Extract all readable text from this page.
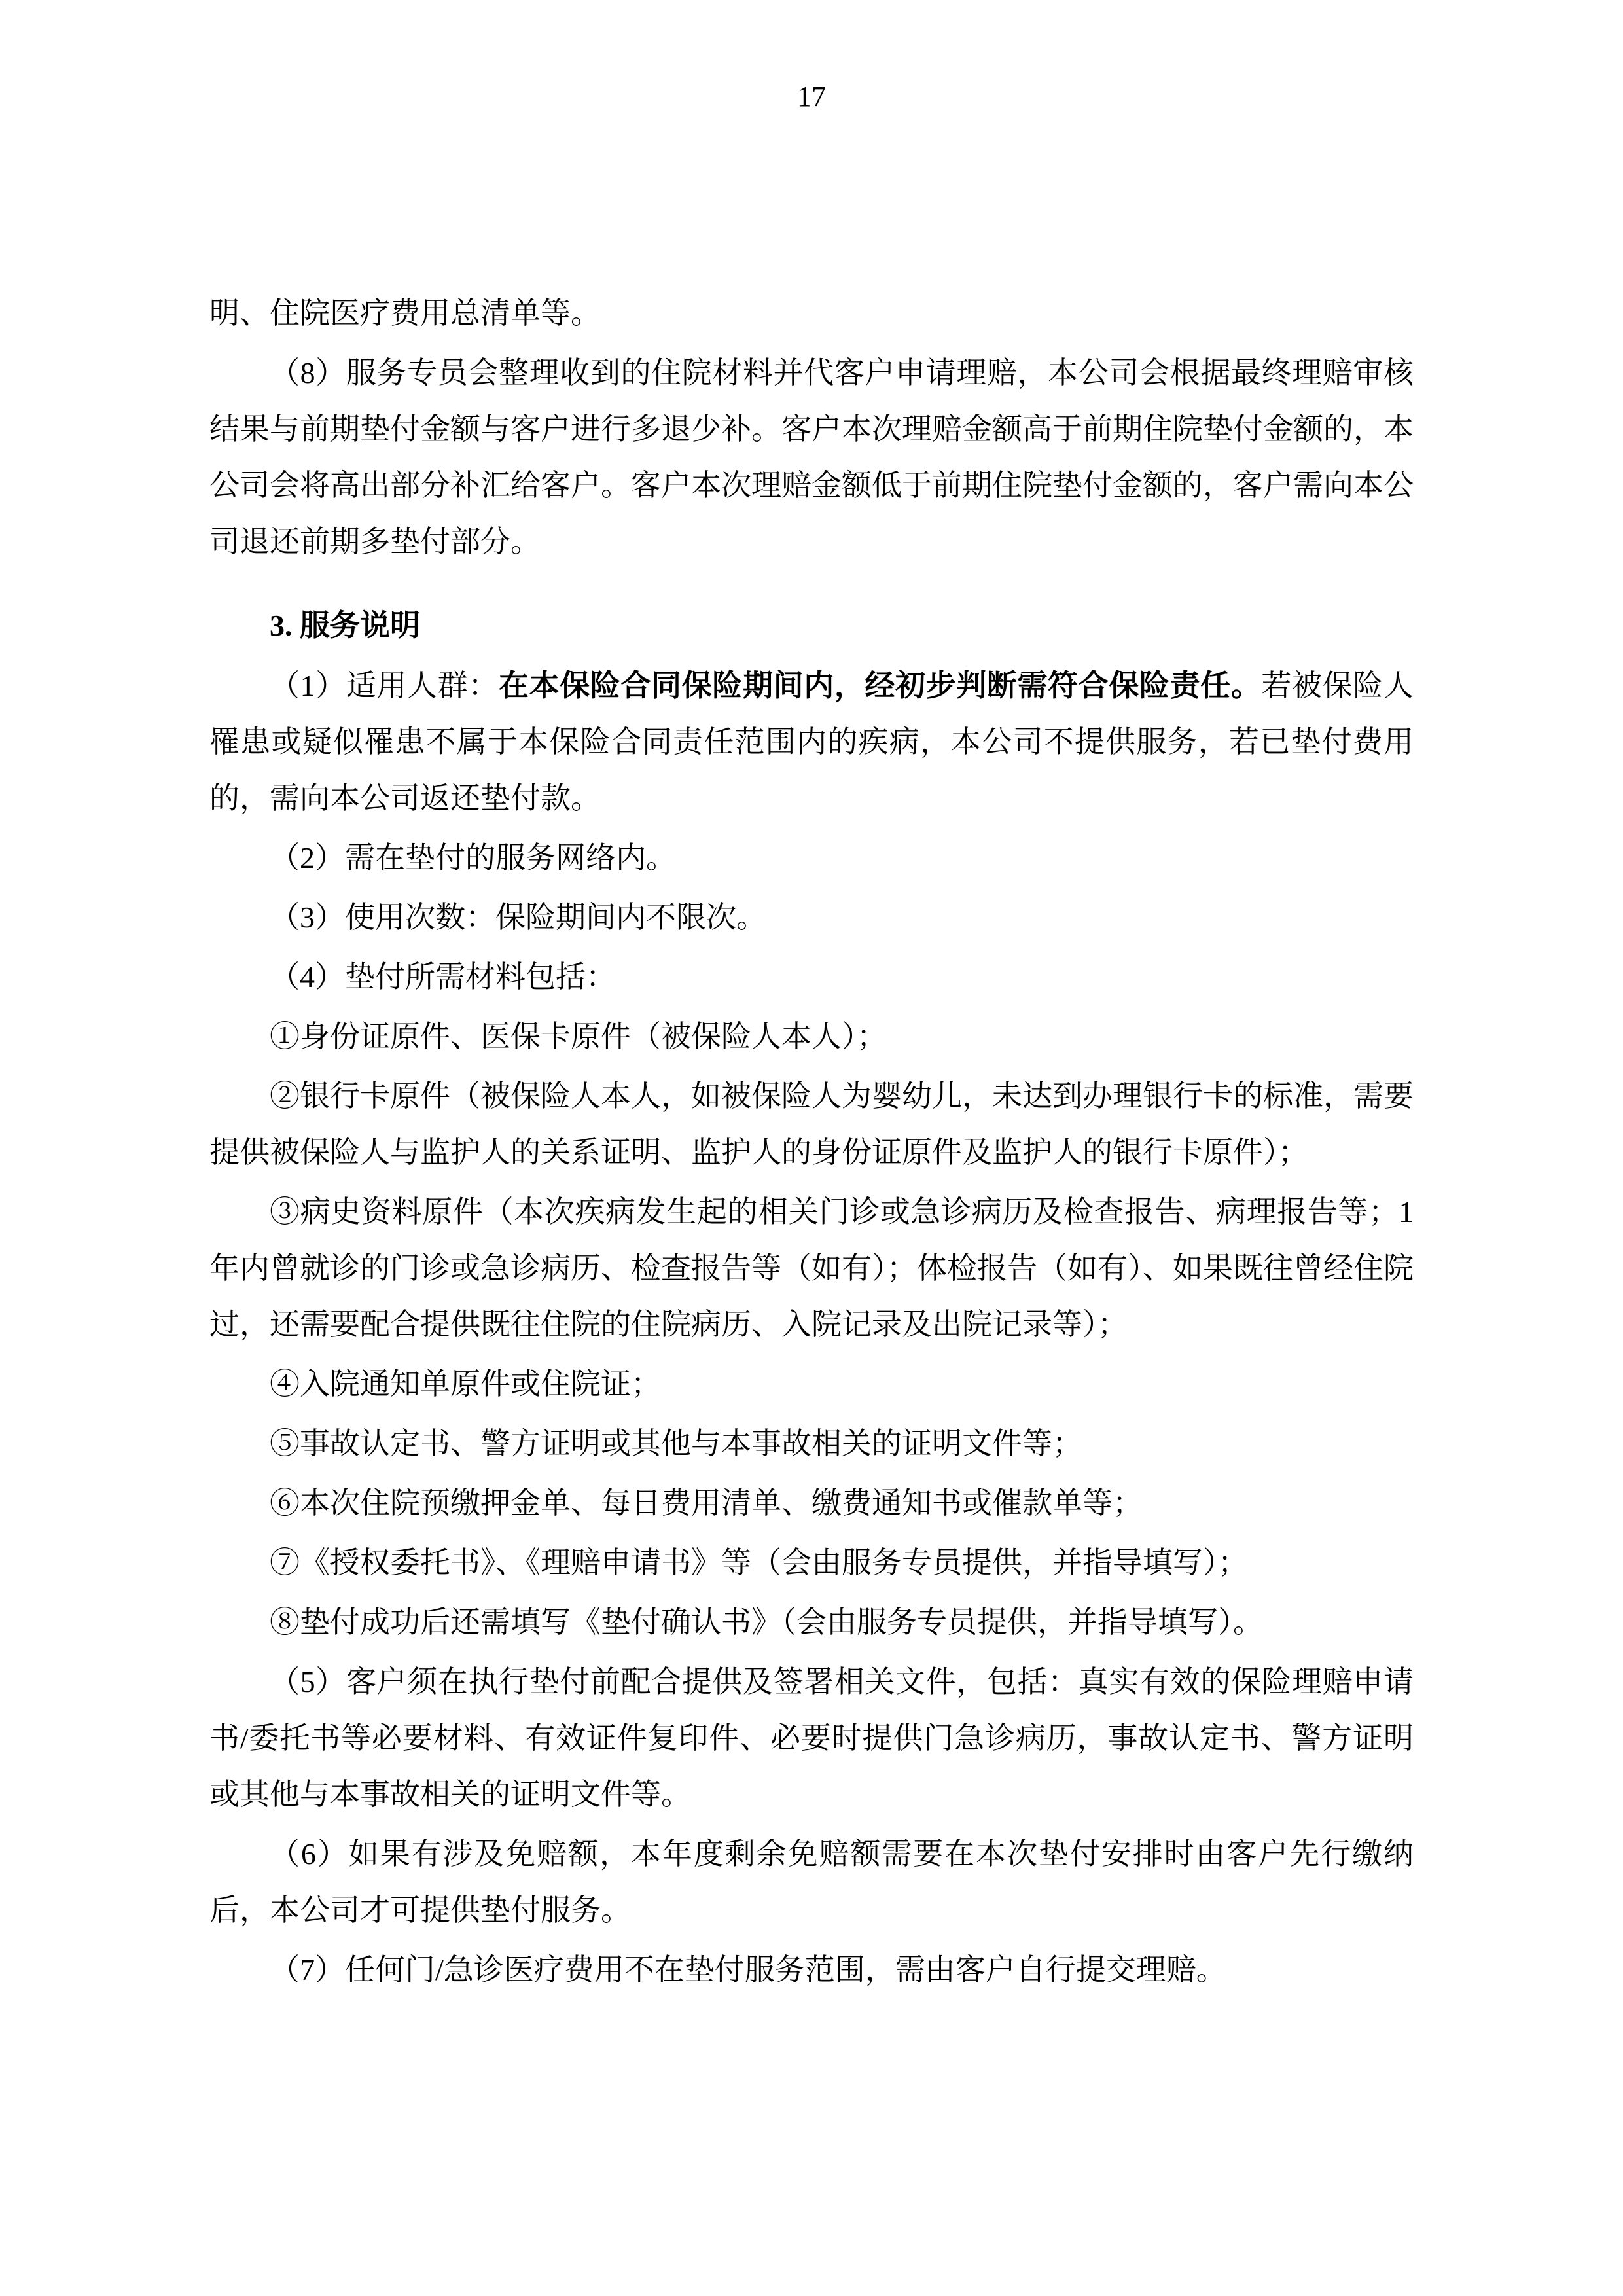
17

明、住院医疗费用总清单等。

（8）服务专员会整理收到的住院材料并代客户申请理赔，本公司会根据最终理赔审核结果与前期垫付金额与客户进行多退少补。客户本次理赔金额高于前期住院垫付金额的，本公司会将高出部分补汇给客户。客户本次理赔金额低于前期住院垫付金额的，客户需向本公司退还前期多垫付部分。

3. 服务说明

（1）适用人群：在本保险合同保险期间内，经初步判断需符合保险责任。若被保险人罹患或疑似罹患不属于本保险合同责任范围内的疾病，本公司不提供服务，若已垫付费用的，需向本公司返还垫付款。

（2）需在垫付的服务网络内。

（3）使用次数：保险期间内不限次。

（4）垫付所需材料包括：

①身份证原件、医保卡原件（被保险人本人）；

②银行卡原件（被保险人本人，如被保险人为婴幼儿，未达到办理银行卡的标准，需要提供被保险人与监护人的关系证明、监护人的身份证原件及监护人的银行卡原件）；

③病史资料原件（本次疾病发生起的相关门诊或急诊病历及检查报告、病理报告等；1年内曾就诊的门诊或急诊病历、检查报告等（如有）；体检报告（如有）、如果既往曾经住院过，还需要配合提供既往住院的住院病历、入院记录及出院记录等）；

④入院通知单原件或住院证；

⑤事故认定书、警方证明或其他与本事故相关的证明文件等；

⑥本次住院预缴押金单、每日费用清单、缴费通知书或催款单等；

⑦《授权委托书》、《理赔申请书》等（会由服务专员提供，并指导填写）；

⑧垫付成功后还需填写《垫付确认书》（会由服务专员提供，并指导填写）。

（5）客户须在执行垫付前配合提供及签署相关文件，包括：真实有效的保险理赔申请书/委托书等必要材料、有效证件复印件、必要时提供门急诊病历，事故认定书、警方证明或其他与本事故相关的证明文件等。

（6）如果有涉及免赔额，本年度剩余免赔额需要在本次垫付安排时由客户先行缴纳后，本公司才可提供垫付服务。

（7）任何门/急诊医疗费用不在垫付服务范围，需由客户自行提交理赔。
